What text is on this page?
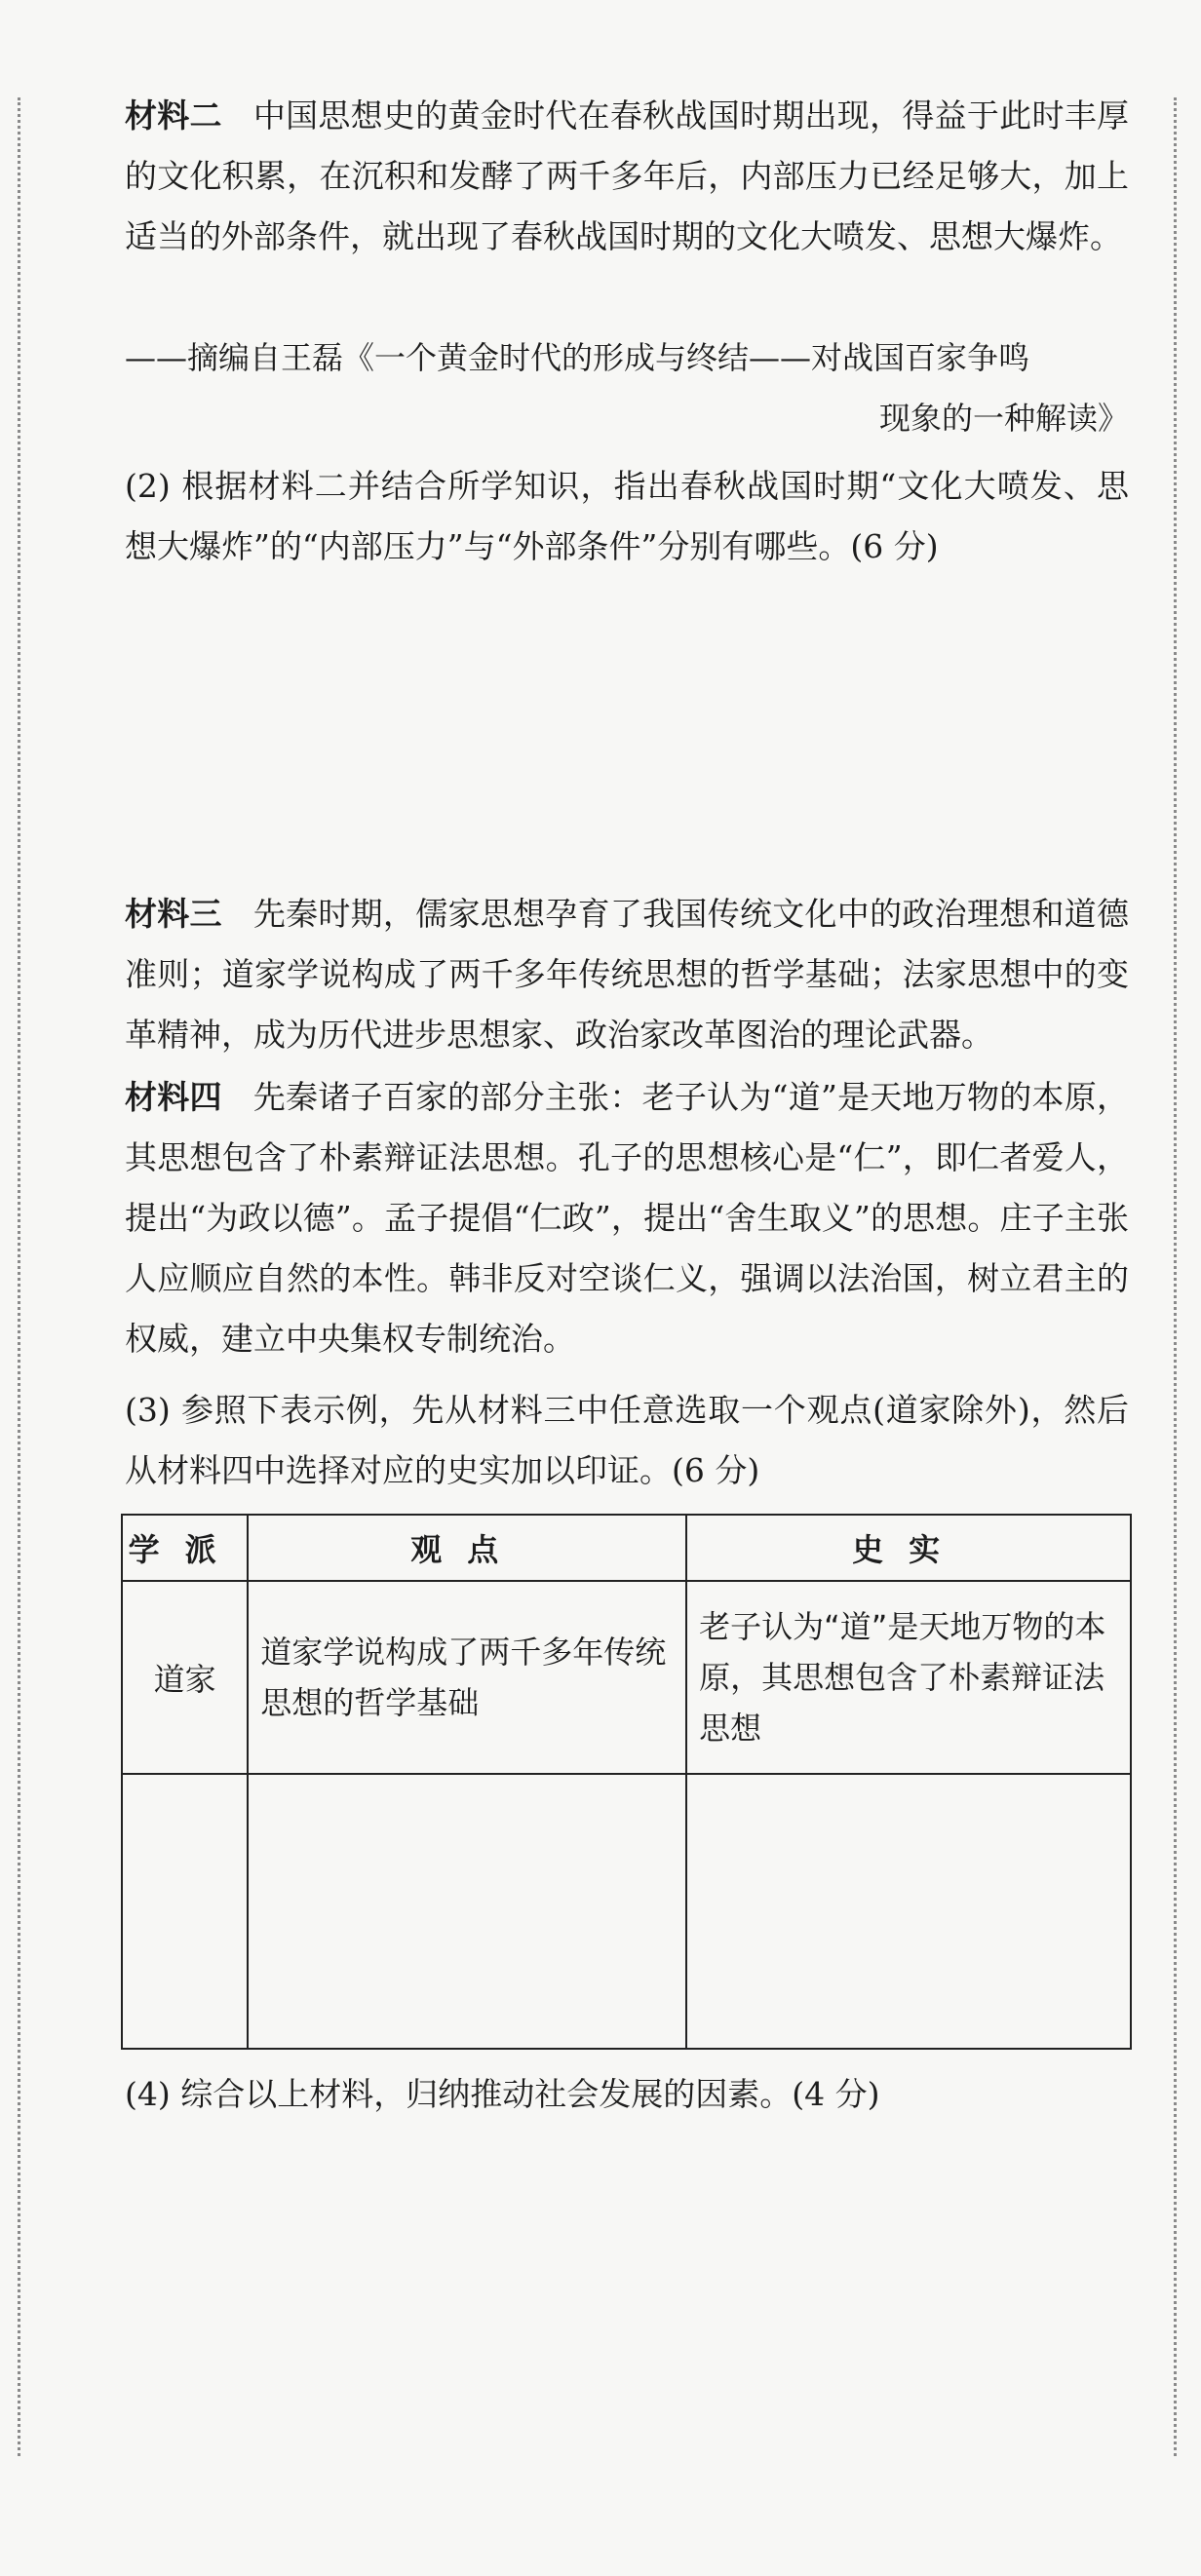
材料二 中国思想史的黄金时代在春秋战国时期出现，得益于此时丰厚的文化积累，在沉积和发酵了两千多年后，内部压力已经足够大，加上适当的外部条件，就出现了春秋战国时期的文化大喷发、思想大爆炸。

——摘编自王磊《一个黄金时代的形成与终结——对战国百家争鸣
现象的一种解读》

(2) 根据材料二并结合所学知识，指出春秋战国时期“文化大喷发、思想大爆炸”的“内部压力”与“外部条件”分别有哪些。(6 分)

材料三 先秦时期，儒家思想孕育了我国传统文化中的政治理想和道德准则；道家学说构成了两千多年传统思想的哲学基础；法家思想中的变革精神，成为历代进步思想家、政治家改革图治的理论武器。

材料四 先秦诸子百家的部分主张：老子认为“道”是天地万物的本原，其思想包含了朴素辩证法思想。孔子的思想核心是“仁”，即仁者爱人，提出“为政以德”。孟子提倡“仁政”，提出“舍生取义”的思想。庄子主张人应顺应自然的本性。韩非反对空谈仁义，强调以法治国，树立君主的权威，建立中央集权专制统治。

(3) 参照下表示例，先从材料三中任意选取一个观点(道家除外)，然后从材料四中选择对应的史实加以印证。(6 分)

学派	观点	史实
道家	道家学说构成了两千多年传统思想的哲学基础	老子认为“道”是天地万物的本原，其思想包含了朴素辩证法思想

(4) 综合以上材料，归纳推动社会发展的因素。(4 分)
